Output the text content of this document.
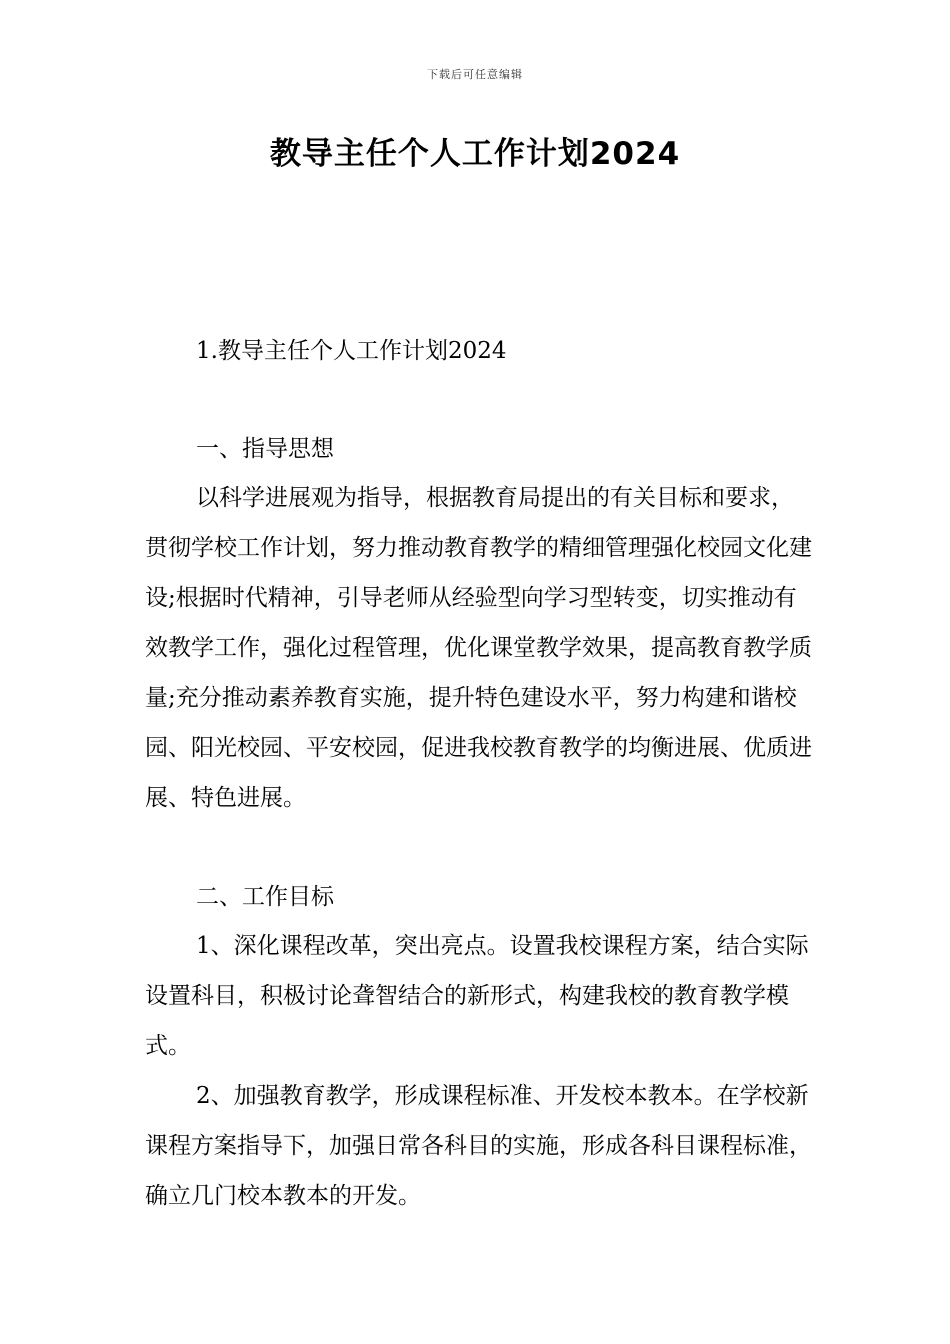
下载后可任意编辑
教导主任个人工作计划2024

1.教导主任个人工作计划2024

一、指导思想

以科学进展观为指导，根据教育局提出的有关目标和要求，贯彻学校工作计划，努力推动教育教学的精细管理强化校园文化建设;根据时代精神，引导老师从经验型向学习型转变，切实推动有效教学工作，强化过程管理，优化课堂教学效果，提高教育教学质量;充分推动素养教育实施，提升特色建设水平，努力构建和谐校园、阳光校园、平安校园，促进我校教育教学的均衡进展、优质进展、特色进展。

二、工作目标

1、深化课程改革，突出亮点。设置我校课程方案，结合实际设置科目，积极讨论聋智结合的新形式，构建我校的教育教学模式。

2、加强教育教学，形成课程标准、开发校本教本。在学校新课程方案指导下，加强日常各科目的实施，形成各科目课程标准，确立几门校本教本的开发。
